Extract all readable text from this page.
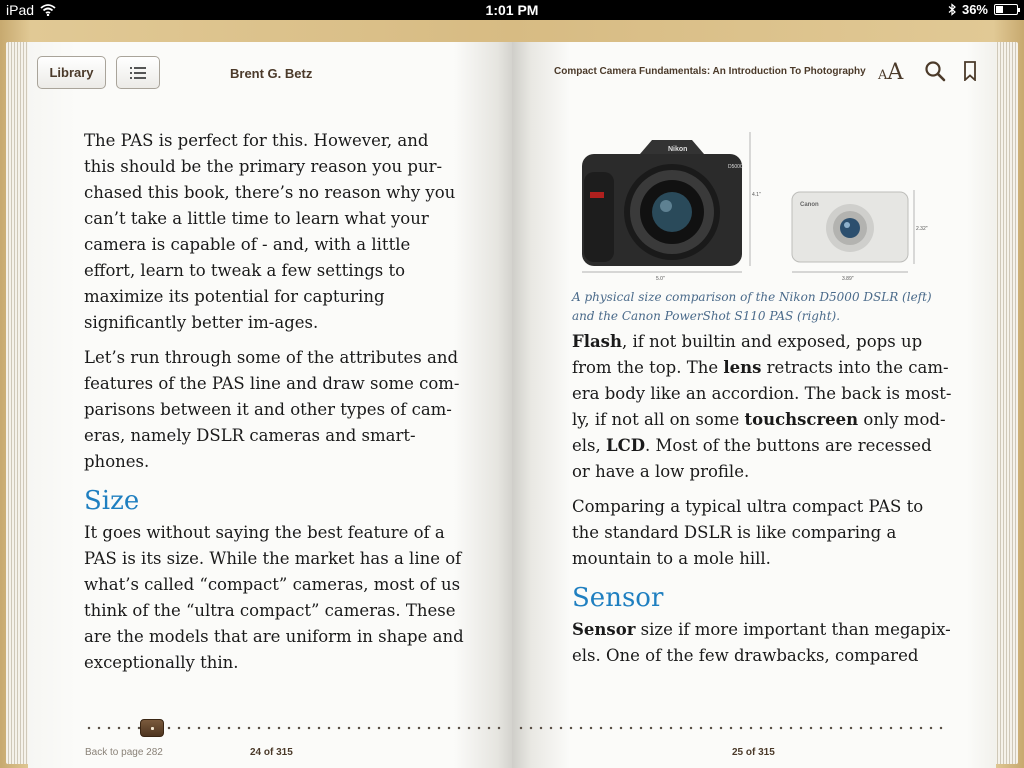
iPad	1:01 PM	36%
Library	Brent G. Betz

The PAS is perfect for this. However, and this should be the primary reason you pur-chased this book, there’s no reason why you can’t take a little time to learn what your camera is capable of - and, with a little effort, learn to tweak a few settings to maximize its potential for capturing significantly better im-ages.

Let’s run through some of the attributes and features of the PAS line and draw some com-parisons between it and other types of cam-eras, namely DSLR cameras and smart-phones.

Size

It goes without saying the best feature of a PAS is its size. While the market has a line of what’s called “compact” cameras, most of us think of the “ultra compact” cameras. These are the models that are uniform in shape and exceptionally thin.

Back to page 282	24 of 315
Compact Camera Fundamentals: An Introduction To Photography AA
Nikon
D5000
4.1"
5.0"
Canon
2.32"
3.89"
A physical size comparison of the Nikon D5000 DSLR (left) and the Canon PowerShot S110 PAS (right).

Flash, if not builtin and exposed, pops up from the top. The lens retracts into the cam-era body like an accordion. The back is most-ly, if not all on some touchscreen only mod-els, LCD. Most of the buttons are recessed or have a low profile.

Comparing a typical ultra compact PAS to the standard DSLR is like comparing a mountain to a mole hill.

Sensor

Sensor size if more important than megapix-els. One of the few drawbacks, compared

25 of 315
